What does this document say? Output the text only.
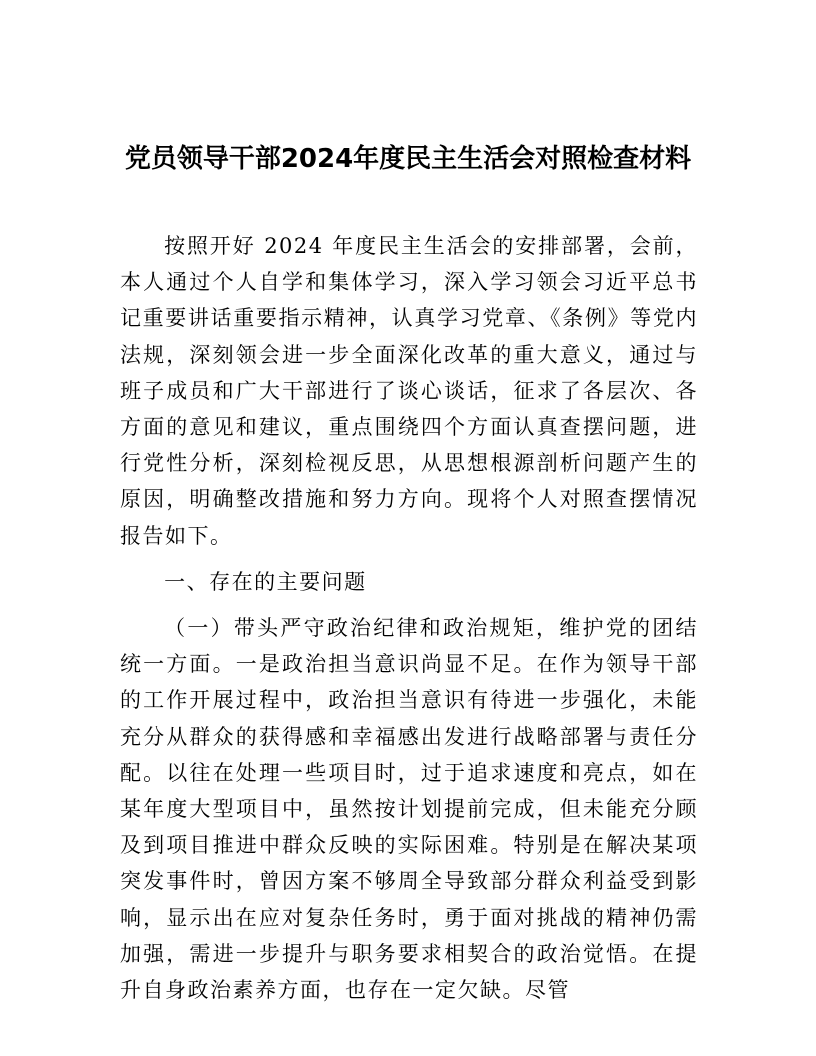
党员领导干部2024年度民主生活会对照检查材料

按照开好 2024 年度民主生活会的安排部署，会前，本人通过个人自学和集体学习，深入学习领会习近平总书记重要讲话重要指示精神，认真学习党章、《条例》等党内法规，深刻领会进一步全面深化改革的重大意义，通过与班子成员和广大干部进行了谈心谈话，征求了各层次、各方面的意见和建议，重点围绕四个方面认真查摆问题，进行党性分析，深刻检视反思，从思想根源剖析问题产生的原因，明确整改措施和努力方向。现将个人对照查摆情况报告如下。

一、存在的主要问题

（一）带头严守政治纪律和政治规矩，维护党的团结统一方面。一是政治担当意识尚显不足。在作为领导干部的工作开展过程中，政治担当意识有待进一步强化，未能充分从群众的获得感和幸福感出发进行战略部署与责任分配。以往在处理一些项目时，过于追求速度和亮点，如在某年度大型项目中，虽然按计划提前完成，但未能充分顾及到项目推进中群众反映的实际困难。特别是在解决某项突发事件时，曾因方案不够周全导致部分群众利益受到影响，显示出在应对复杂任务时，勇于面对挑战的精神仍需加强，需进一步提升与职务要求相契合的政治觉悟。在提升自身政治素养方面，也存在一定欠缺。尽管
